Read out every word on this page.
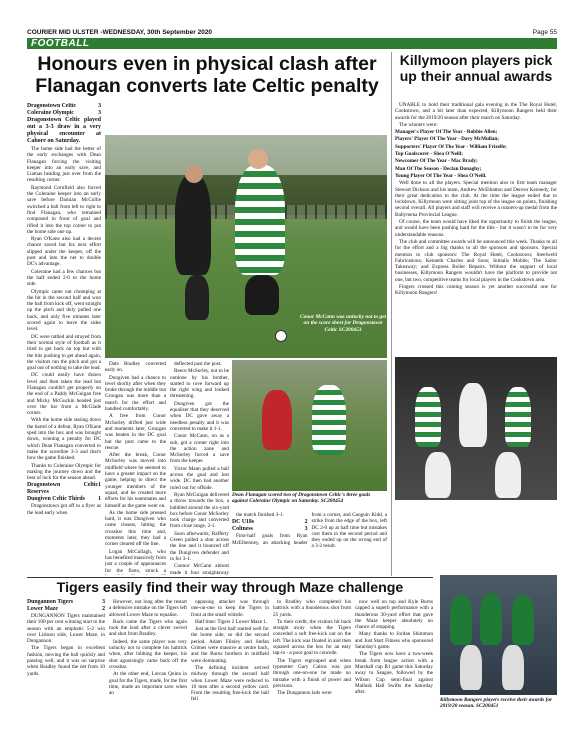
COURIER MID ULSTER -WEDNESDAY, 30th September 2020	Page 55
FOOTBALL
Honours even in physical clash after Flanagan converts late Celtic penalty
Killymoon players pick up their annual awards
Dragonstown Celtic	3
Coleraine Olympic	3

Dragonstown Celtic played out a 3-3 draw in a very physical encounter at Cahore on Saturday.

The home side had the better of the early exchanges with Dean Flanagan forcing the visiting keeper into an early save, and Liamas heading just over from the resulting corner.

Raymond Cornfield also forced the Coleraine keeper into an early save before Damian McCullie switched a ball from left to right to find Flanagan, who remained composed in front of goal and rifled it into the top corner to put the home side one up.

Ryan O'Kane also had a decent chance saved but his next effort slipped under the keeper, off the post and into the net to double DC's advantage.

Coleraine had a few chances but the half ended 2-0 to the home side.

Olympic came out chomping at the bit in the second half and won the ball from kick off, went straight up the pitch and duly pulled one back, and only five minutes later scored again to leave the sides level.

DC were rattled and strayed from their normal style of football as it tried to get back on top but with the bits pushing to get ahead again, the visitors ran the pitch and got a goal out of nothing to take the lead.

DC could easily have drawn level and then taken the lead but Flanagan couldn't get properly on the end of a Paddy McGuigan free and Micky McGuckin headed just over the bar from a McGlade corner.

With the home side staring down the barrel of a defeat, Ryan O'Kane sped into the box and was brought down, winning a penalty for DC which Dean Flanagan converted to make the scoreline 3-3 and that's how the game finished.

Thanks to Coleraine Olympic for making the journey down and the best of luck for the season ahead.

Dragonstown Celtic Reserves
1
Dungiven Celtic Thirds 1

Dragonstown got off to a flyer as the lead early when

Conor McCann was unlucky not to get on the score sheet for Dragonstown Celtic SC200453

Dale Bradley converted early on.

Dungiven had a chance to level shortly after when they broke through the middle but Grougan was more than a match for the effort and handled comfortably.

A free from Conor McSorley drifted just wide and moments later, Grougan was beaten in the DC goal but the post came to the rescue.

After the break, Conor McSorley was moved into midfield where he seemed to have a greater impact on the game, helping to direct the younger members of the squad, and he created more efforts for his teammates and himself as the game went on.

As the home side pressed hard, it was Dungiven who came closest, hitting the crossbar this time and, moments later, they had a corner cleared off the line.

Logan McCullagh, who has benefited massively from just a couple of appearances for the firsts, struck a

deflected past the post.

Reece McSorley, not to be outdone by his brother, started to rove forward up the right wing and looked threatening.

Dungiven got the equaliser that they deserved when DC gave away a needless penalty and it was converted to make it 1-1.

Conor McCann, on as a sub, got a corner right into the action zone and McSorley forced a save from the keeper.

Victor Mann pulled a ball across the goal and lost wide. DC then had another ruled out for offside.

Ryan McGuigan delivered a throw towards the box, a bubbled around the six-yard box before Conor McSorley took charge and converted from close range, 2-1.

Soon afterwards, Rafferty Green pulled a shot across the line and it bounced off the Dungiven defender and in for 3-1.

Connor McCann almost made it four straightaway

Dean Flanagan scored two of Dragonstown Celtic's three goals against Coleraine Olympic on Saturday. SC200454

the match finished 3-1.

DC U18s	2
Coltness	3

First-half goals from Ryan McElhenney, an attacking header from a corner, and Caoguin Kidd, a strike from the edge of the box, left DC 2-0 up at half time but mistakes cost them in the second period and they ended up on the wrong end of a 3-2 result.

UNABLE to hold their traditional gala evening in the The Royal Hotel, Cookstown, and a bit later than expected, Killymoon Rangers held their awards for the 2019/20 season after their match on Saturday.

The winners were:

Manager's Player Of The Year - Robbie Allen;

Players' Player Of The Year - Davy McMullan;

Supporters' Player Of The Year - William Frizelle;

Top Goalscorer - Shea O'Neill;

Newcomer Of The Year - Mac Brady;

Man Of The Season - Declan Donaghy;

Young Player Of The Year - Shea O'Neill.

Well done to all the players. Special mention also to first team manager Stewart Dickson and his team, Andrew McElhatton and Denver Kennedy, for their great dedication to the club. At the time the league ended due to lockdown, Killymoon were sitting joint top of the league on points, finishing second overall. All players and staff will receive a runners-up medal from the Ballymena Provincial League.

Of course, the team would have liked the opportunity to finish the league, and would have been pushing hard for the title - but it wasn't to be for very understandable reasons.

The club and committee awards will be announced this week. Thanks to all for the effort and a big thanks to all the sponsors and sponsors. Special mention to club sponsors: The Royal Hotel, Cookstown; Steelweld Fabrications; Kenneth Charles and Sons; Initialis Mobile; The Sailor Takeaway; and Express Boiler Repairs. Without the support of local businesses, Killymoon Rangers wouldn't have the platform to provide not one, but two, competitive teams for local players in the Cookstown area.

Fingers crossed this coming season is yet another successful one for Killymoon Rangers!

Tigers easily find their way through Maze challenge
Dungannon Tigers	3
Lower Maze	2

DUNGANNON Tigers maintained their 100 per cent winning start to the season with an emphatic 5-2 win over Lisburn side, Lower Maze, in Dungannon.

The Tigers began in excellent fashion, moving the ball quickly and passing well, and it was no surprise when Bradley found the net from 10 yards.

However, not long after the restart a defensive mistake on the Tigers left allowed Lower Maze to equalise.

Back came the Tigers who again took the lead after a clever swivel and shot from Bradley.

Indeed, the same player was very unlucky not to complete his hattrick when, after lobbing the keeper, his shot agonisingly came back off the crossbar.

At the other end, Lorcan Quinn in goal for the Tigers, made, for the first time, made an important save when an

opposing attacker was through one-on-one to keep the Tigers in front at the small whistle.

Half time: Tigers 2 Lower Maze 1.

Just as the first half started well for the home side, so did the second period. Adam Flinley and Stefan Grimes were massive at centre back, and the Burns brothers in midfield were dominating.

The defining incident arrived midway through the second half when Lower Maze were reduced to 10 men after a second yellow card. From the resulting free-kick the ball fell

to Bradley who completed his hattrick with a thunderous shot from 25 yards.

To their credit, the visitors hit back straight away when the Tigers conceded a soft free-kick out on the left. The kick was floated in and then squared across the box for an easy tap-in - a poor goal to concede.

The Tigers regrouped and when typesetter Gary Cairns was put through one-on-one he made no mistake with a finish of power and precision.

The Dungannon lads were

now well on top and Kyle Burns capped a superb performance with a thunderous 30-yard effort that gave the Maze keeper absolutely no chance of stopping.

Many thanks to Jordan Shimmon and Just Start Fitness who sponsored Saturday's game.

The Tigers now have a two-week break from league action with a Marshall cup R1 game this Saturday away to Seagoe, followed by the Wilson Cup semi-final against Mallusk Hall Swifts the Saturday after.

Killymoon Rangers players receive their awards for 2019/20 season. SC200451
